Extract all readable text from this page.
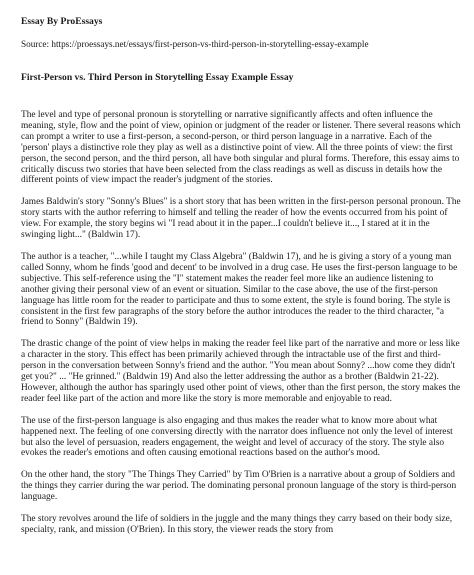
Essay By ProEssays
Source: https://proessays.net/essays/first-person-vs-third-person-in-storytelling-essay-example
First-Person vs. Third Person in Storytelling Essay Example Essay

The level and type of personal pronoun is storytelling or narrative significantly affects and often influence the meaning, style, flow and the point of view, opinion or judgment of the reader or listener. There several reasons which can prompt a writer to use a first-person, a second-person, or third person language in a narrative. Each of the 'person' plays a distinctive role they play as well as a distinctive point of view. All the three points of view: the first person, the second person, and the third person, all have both singular and plural forms. Therefore, this essay aims to critically discuss two stories that have been selected from the class readings as well as discuss in details how the different points of view impact the reader's judgment of the stories.

James Baldwin's story "Sonny's Blues" is a short story that has been written in the first-person personal pronoun. The story starts with the author referring to himself and telling the reader of how the events occurred from his point of view. For example, the story begins wi "I read about it in the paper...I couldn't believe it..., I stared at it in the swinging light..." (Baldwin 17).

The author is a teacher, "...while I taught my Class Algebra" (Baldwin 17), and he is giving a story of a young man called Sonny, whom he finds 'good and decent' to be involved in a drug case. He uses the first-person language to be subjective. This self-reference using the "I" statement makes the reader feel more like an audience listening to another giving their personal view of an event or situation. Similar to the case above, the use of the first-person language has little room for the reader to participate and thus to some extent, the style is found boring. The style is consistent in the first few paragraphs of the story before the author introduces the reader to the third character, "a friend to Sonny" (Baldwin 19).

The drastic change of the point of view helps in making the reader feel like part of the narrative and more or less like a character in the story. This effect has been primarily achieved through the intractable use of the first and third-person in the conversation between Sonny's friend and the author. "You mean about Sonny? ...how come they didn't get you?" ... "He grinned." (Baldwin 19) And also the letter addressing the author as a brother (Baldwin 21-22). However, although the author has sparingly used other point of views, other than the first person, the story makes the reader feel like part of the action and more like the story is more memorable and enjoyable to read.

The use of the first-person language is also engaging and thus makes the reader what to know more about what happened next. The feeling of one conversing directly with the narrator does influence not only the level of interest but also the level of persuasion, readers engagement, the weight and level of accuracy of the story. The style also evokes the reader's emotions and often causing emotional reactions based on the author's mood.

On the other hand, the story "The Things They Carried" by Tim O'Brien is a narrative about a group of Soldiers and the things they carrier during the war period. The dominating personal pronoun language of the story is third-person language.

The story revolves around the life of soldiers in the juggle and the many things they carry based on their body size, specialty, rank, and mission (O'Brien). In this story, the viewer reads the story from
